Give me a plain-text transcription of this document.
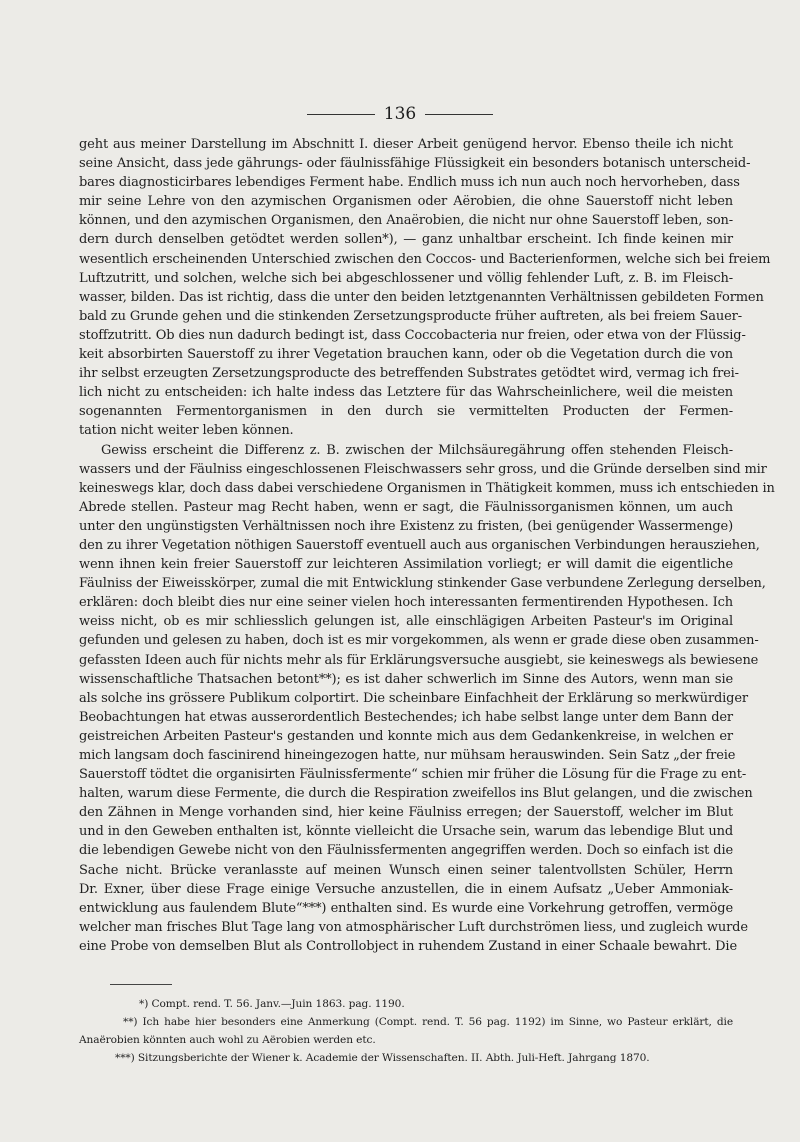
136
geht aus meiner Darstellung im Abschnitt I. dieser Arbeit genügend hervor. Ebenso theile ich nicht
seine Ansicht, dass jede gährungs- oder fäulnissfähige Flüssigkeit ein besonders botanisch unterscheid-
bares diagnosticirbares lebendiges Ferment habe. Endlich muss ich nun auch noch hervorheben, dass
mir seine Lehre von den azymischen Organismen oder Aërobien, die ohne Sauerstoff nicht leben
können, und den azymischen Organismen, den Anaërobien, die nicht nur ohne Sauerstoff leben, son-
dern durch denselben getödtet werden sollen*), — ganz unhaltbar erscheint. Ich finde keinen mir
wesentlich erscheinenden Unterschied zwischen den Coccos- und Bacterienformen, welche sich bei freiem
Luftzutritt, und solchen, welche sich bei abgeschlossener und völlig fehlender Luft, z. B. im Fleisch-
wasser, bilden. Das ist richtig, dass die unter den beiden letztgenannten Verhältnissen gebildeten Formen
bald zu Grunde gehen und die stinkenden Zersetzungsproducte früher auftreten, als bei freiem Sauer-
stoffzutritt. Ob dies nun dadurch bedingt ist, dass Coccobacteria nur freien, oder etwa von der Flüssig-
keit absorbirten Sauerstoff zu ihrer Vegetation brauchen kann, oder ob die Vegetation durch die von
ihr selbst erzeugten Zersetzungsproducte des betreffenden Substrates getödtet wird, vermag ich frei-
lich nicht zu entscheiden: ich halte indess das Letztere für das Wahrscheinlichere, weil die meisten
sogenannten Fermentorganismen in den durch sie vermittelten Producten der Fermen-
tation nicht weiter leben können.
Gewiss erscheint die Differenz z. B. zwischen der Milchsäuregährung offen stehenden Fleisch-
wassers und der Fäulniss eingeschlossenen Fleischwassers sehr gross, und die Gründe derselben sind mir
keineswegs klar, doch dass dabei verschiedene Organismen in Thätigkeit kommen, muss ich entschieden in
Abrede stellen. Pasteur mag Recht haben, wenn er sagt, die Fäulnissorganismen können, um auch
unter den ungünstigsten Verhältnissen noch ihre Existenz zu fristen, (bei genügender Wassermenge)
den zu ihrer Vegetation nöthigen Sauerstoff eventuell auch aus organischen Verbindungen herausziehen,
wenn ihnen kein freier Sauerstoff zur leichteren Assimilation vorliegt; er will damit die eigentliche
Fäulniss der Eiweisskörper, zumal die mit Entwicklung stinkender Gase verbundene Zerlegung derselben,
erklären: doch bleibt dies nur eine seiner vielen hoch interessanten fermentirenden Hypothesen. Ich
weiss nicht, ob es mir schliesslich gelungen ist, alle einschlägigen Arbeiten Pasteur's im Original
gefunden und gelesen zu haben, doch ist es mir vorgekommen, als wenn er grade diese oben zusammen-
gefassten Ideen auch für nichts mehr als für Erklärungsversuche ausgiebt, sie keineswegs als bewiesene
wissenschaftliche Thatsachen betont**); es ist daher schwerlich im Sinne des Autors, wenn man sie
als solche ins grössere Publikum colportirt. Die scheinbare Einfachheit der Erklärung so merkwürdiger
Beobachtungen hat etwas ausserordentlich Bestechendes; ich habe selbst lange unter dem Bann der
geistreichen Arbeiten Pasteur's gestanden und konnte mich aus dem Gedankenkreise, in welchen er
mich langsam doch fascinirend hineingezogen hatte, nur mühsam herauswinden. Sein Satz „der freie
Sauerstoff tödtet die organisirten Fäulnissfermente“ schien mir früher die Lösung für die Frage zu ent-
halten, warum diese Fermente, die durch die Respiration zweifellos ins Blut gelangen, und die zwischen
den Zähnen in Menge vorhanden sind, hier keine Fäulniss erregen; der Sauerstoff, welcher im Blut
und in den Geweben enthalten ist, könnte vielleicht die Ursache sein, warum das lebendige Blut und
die lebendigen Gewebe nicht von den Fäulnissfermenten angegriffen werden. Doch so einfach ist die
Sache nicht. Brücke veranlasste auf meinen Wunsch einen seiner talentvollsten Schüler, Herrn
Dr. Exner, über diese Frage einige Versuche anzustellen, die in einem Aufsatz „Ueber Ammoniak-
entwicklung aus faulendem Blute“***) enthalten sind. Es wurde eine Vorkehrung getroffen, vermöge
welcher man frisches Blut Tage lang von atmosphärischer Luft durchströmen liess, und zugleich wurde
eine Probe von demselben Blut als Controllobject in ruhendem Zustand in einer Schaale bewahrt. Die
*) Compt. rend. T. 56. Janv.—Juin 1863. pag. 1190.
**) Ich habe hier besonders eine Anmerkung (Compt. rend. T. 56 pag. 1192) im Sinne, wo Pasteur erklärt, die
Anaërobien könnten auch wohl zu Aërobien werden etc.
***) Sitzungsberichte der Wiener k. Academie der Wissenschaften. II. Abth. Juli-Heft. Jahrgang 1870.
